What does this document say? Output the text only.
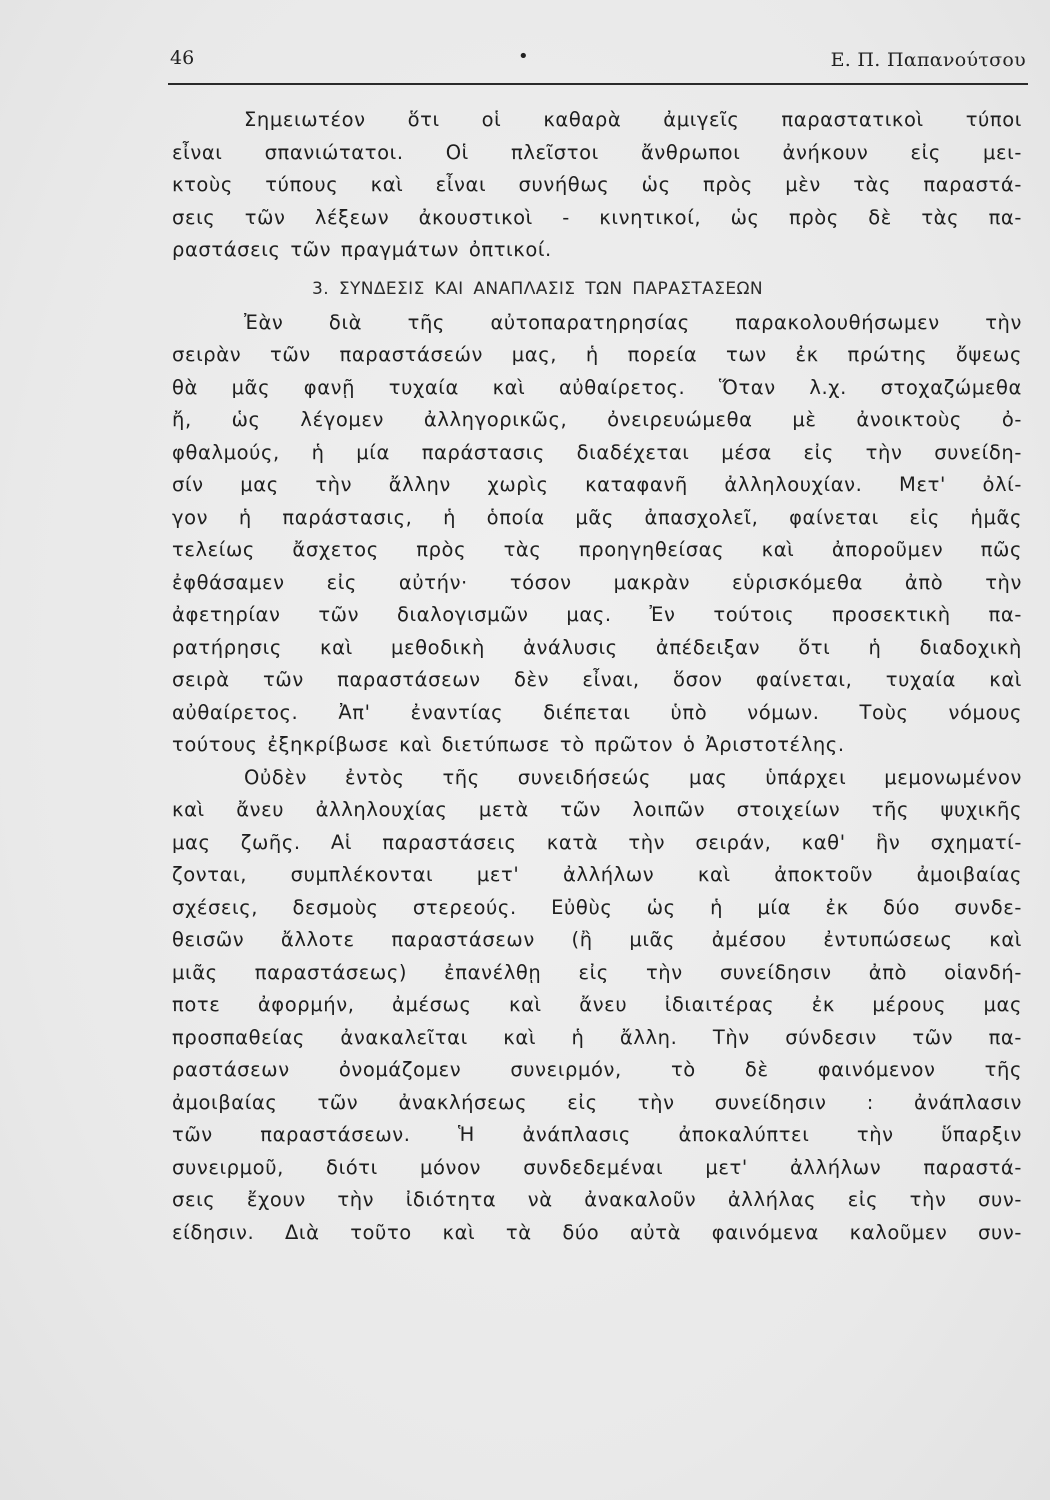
46	•	Ε. Π. Παπανούτσου
Σημειωτέον ὅτι οἱ καθαρὰ ἀμιγεῖς παραστατικοὶ τύποι
εἶναι σπανιώτατοι. Οἱ πλεῖστοι ἄνθρωποι ἀνήκουν εἰς μει-
κτοὺς τύπους καὶ εἶναι συνήθως ὡς πρὸς μὲν τὰς παραστά-
σεις τῶν λέξεων ἀκουστικοὶ - κινητικοί, ὡς πρὸς δὲ τὰς πα-
ραστάσεις τῶν πραγμάτων ὀπτικοί.
3. ΣΥΝΔΕΣΙΣ ΚΑΙ ΑΝΑΠΛΑΣΙΣ ΤΩΝ ΠΑΡΑΣΤΑΣΕΩΝ
Ἐὰν διὰ τῆς αὐτοπαρατηρησίας παρακολουθήσωμεν τὴν
σειρὰν τῶν παραστάσεών μας, ἡ πορεία των ἐκ πρώτης ὄψεως
θὰ μᾶς φανῇ τυχαία καὶ αὐθαίρετος. Ὅταν λ.χ. στοχαζώμεθα
ἤ, ὡς λέγομεν ἀλληγορικῶς, ὀνειρευώμεθα μὲ ἀνοικτοὺς ὀ-
φθαλμούς, ἡ μία παράστασις διαδέχεται μέσα εἰς τὴν συνείδη-
σίν μας τὴν ἄλλην χωρὶς καταφανῆ ἀλληλουχίαν. Μετ' ὀλί-
γον ἡ παράστασις, ἡ ὁποία μᾶς ἀπασχολεῖ, φαίνεται εἰς ἡμᾶς
τελείως ἄσχετος πρὸς τὰς προηγηθείσας καὶ ἀποροῦμεν πῶς
ἐφθάσαμεν εἰς αὐτήν· τόσον μακρὰν εὑρισκόμεθα ἀπὸ τὴν
ἀφετηρίαν τῶν διαλογισμῶν μας. Ἐν τούτοις προσεκτικὴ πα-
ρατήρησις καὶ μεθοδικὴ ἀνάλυσις ἀπέδειξαν ὅτι ἡ διαδοχικὴ
σειρὰ τῶν παραστάσεων δὲν εἶναι, ὅσον φαίνεται, τυχαία καὶ
αὐθαίρετος. Ἀπ' ἐναντίας διέπεται ὑπὸ νόμων. Τοὺς νόμους
τούτους ἐξηκρίβωσε καὶ διετύπωσε τὸ πρῶτον ὁ Ἀριστοτέλης.
Οὐδὲν ἐντὸς τῆς συνειδήσεώς μας ὑπάρχει μεμονωμένον
καὶ ἄνευ ἀλληλουχίας μετὰ τῶν λοιπῶν στοιχείων τῆς ψυχικῆς
μας ζωῆς. Αἱ παραστάσεις κατὰ τὴν σειράν, καθ' ἣν σχηματί-
ζονται, συμπλέκονται μετ' ἀλλήλων καὶ ἀποκτοῦν ἀμοιβαίας
σχέσεις, δεσμοὺς στερεούς. Εὐθὺς ὡς ἡ μία ἐκ δύο συνδε-
θεισῶν ἄλλοτε παραστάσεων (ἢ μιᾶς ἀμέσου ἐντυπώσεως καὶ
μιᾶς παραστάσεως) ἐπανέλθῃ εἰς τὴν συνείδησιν ἀπὸ οἱανδή-
ποτε ἀφορμήν, ἀμέσως καὶ ἄνευ ἰδιαιτέρας ἐκ μέρους μας
προσπαθείας ἀνακαλεῖται καὶ ἡ ἄλλη. Τὴν σύνδεσιν τῶν πα-
ραστάσεων ὀνομάζομεν συνειρμόν, τὸ δὲ φαινόμενον τῆς
ἀμοιβαίας τῶν ἀνακλήσεως εἰς τὴν συνείδησιν : ἀνάπλασιν
τῶν παραστάσεων. Ἡ ἀνάπλασις ἀποκαλύπτει τὴν ὕπαρξιν
συνειρμοῦ, διότι μόνον συνδεδεμέναι μετ' ἀλλήλων παραστά-
σεις ἔχουν τὴν ἰδιότητα νὰ ἀνακαλοῦν ἀλλήλας εἰς τὴν συν-
είδησιν. Διὰ τοῦτο καὶ τὰ δύο αὐτὰ φαινόμενα καλοῦμεν συν-
